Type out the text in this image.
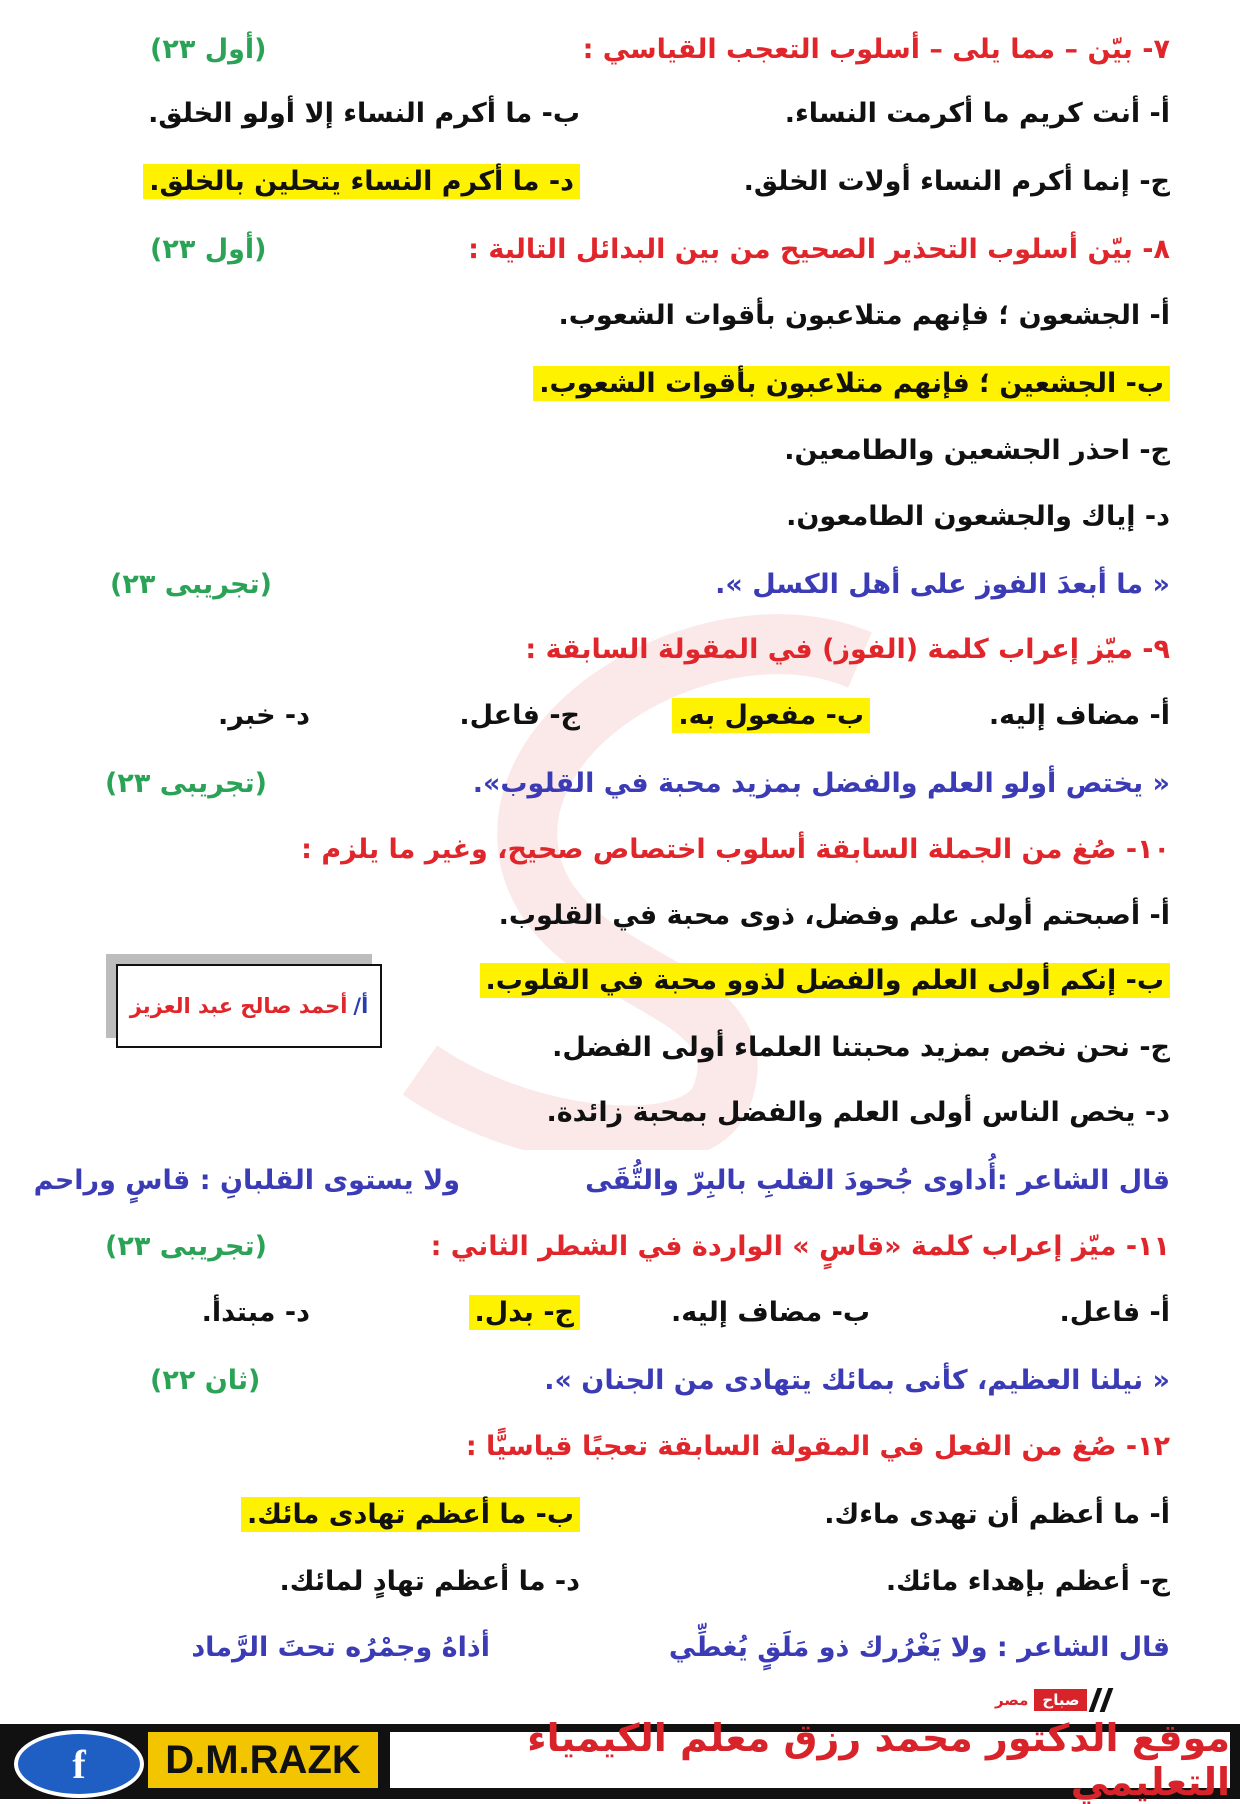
٧- بيّن – مما يلى – أسلوب التعجب القياسي :
(أول ٢٣)
أ- أنت كريم ما أكرمت النساء.
ب- ما أكرم النساء إلا أولو الخلق.
ج- إنما أكرم النساء أولات الخلق.
د- ما أكرم النساء يتحلين بالخلق.
٨- بيّن أسلوب التحذير الصحيح من بين البدائل التالية :
(أول ٢٣)
أ- الجشعون ؛ فإنهم متلاعبون بأقوات الشعوب.
ب- الجشعين ؛ فإنهم متلاعبون بأقوات الشعوب.
ج- احذر الجشعين والطامعين.
د- إياك والجشعون الطامعون.
« ما أبعدَ الفوز على أهل الكسل ».
(تجريبى ٢٣)
٩- ميّز إعراب كلمة (الفوز) في المقولة السابقة :
أ- مضاف إليه.
ب- مفعول به.
ج- فاعل.
د- خبر.
« يختص أولو العلم والفضل بمزيد محبة في القلوب».
(تجريبى ٢٣)
١٠- صُغ من الجملة السابقة أسلوب اختصاص صحيح، وغير ما يلزم :
أ- أصبحتم أولى علم وفضل، ذوى محبة في القلوب.
ب- إنكم أولى العلم والفضل لذوو محبة في القلوب.
ج- نحن نخص بمزيد محبتنا العلماء أولى الفضل.
د- يخص الناس أولى العلم والفضل بمحبة زائدة.
أ/
أحمد صالح عبد العزيز
قال الشاعر :أُداوى جُحودَ القلبِ بالبِرّ والتُّقَى
ولا يستوى القلبانِ : قاسٍ وراحم
١١- ميّز إعراب كلمة «قاسٍ » الواردة في الشطر الثاني :
(تجريبى ٢٣)
أ- فاعل.
ب- مضاف إليه.
ج- بدل.
د- مبتدأ.
« نيلنا العظيم، كأنى بمائك يتهادى من الجنان ».
(ثان ٢٢)
١٢- صُغ من الفعل في المقولة السابقة تعجبًا قياسيًّا :
أ- ما أعظم أن تهدى ماءك.
ب- ما أعظم تهادى مائك.
ج- أعظم بإهداء مائك.
د- ما أعظم تهادٍ لمائك.
قال الشاعر : ولا يَغْرُرك ذو مَلَقٍ يُغطِّي
أذاهُ وجمْرُه تحتَ الرَّماد
مصر صباح
f	D.M.RAZK	موقع الدكتور محمد رزق معلم الكيمياء التعليمي
